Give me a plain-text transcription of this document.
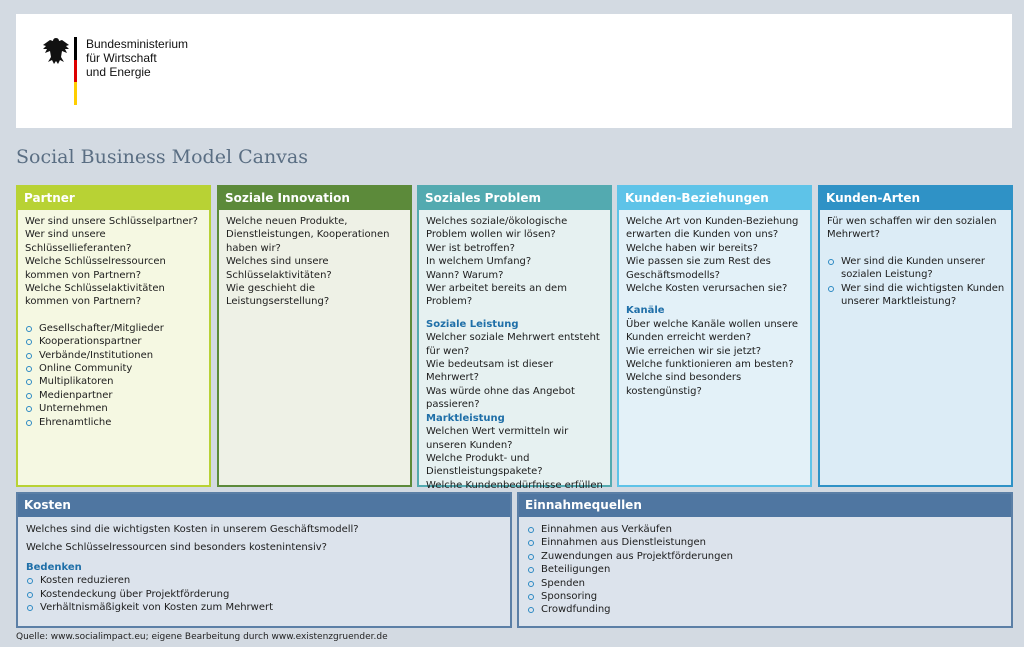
Bundesministerium
für Wirtschaft
und Energie
Social Business Model Canvas
Partner

Wer sind unsere Schlüsselpartner?

Wer sind unsere Schlüssellieferanten?

Welche Schlüsselressourcen kommen von Partnern?

Welche Schlüsselaktivitäten kommen von Partnern?

Gesellschafter/Mitglieder
Kooperationspartner
Verbände/Institutionen
Online Community
Multiplikatoren
Medienpartner
Unternehmen
Ehrenamtliche
Soziale Innovation

Welche neuen Produkte, Dienstleistungen, Kooperationen haben wir?

Welches sind unsere Schlüsselaktivitäten?

Wie geschieht die Leistungserstellung?

Soziales Problem

Welches soziale/ökologische Problem wollen wir lösen?

Wer ist betroffen?

In welchem Umfang?

Wann? Warum?

Wer arbeitet bereits an dem Problem?

Soziale Leistung

Welcher soziale Mehrwert entsteht für wen?

Wie bedeutsam ist dieser Mehrwert?

Was würde ohne das Angebot passieren?

Marktleistung

Welchen Wert vermitteln wir unseren Kunden?

Welche Produkt- und Dienstleistungspakete?

Welche Kundenbedürfnisse erfüllen

Kunden-Beziehungen

Welche Art von Kunden-Beziehung erwarten die Kunden von uns?

Welche haben wir bereits?

Wie passen sie zum Rest des Geschäftsmodells?

Welche Kosten verursachen sie?

Kanäle

Über welche Kanäle wollen unsere Kunden erreicht werden?

Wie erreichen wir sie jetzt?

Welche funktionieren am besten?

Welche sind besonders kostengünstig?

Kunden-Arten

Für wen schaffen wir den sozialen Mehrwert?

Wer sind die Kunden unserer sozialen Leistung?
Wer sind die wichtigsten Kunden unserer Marktleistung?
Kosten

Welches sind die wichtigsten Kosten in unserem Geschäftsmodell?

Welche Schlüsselressourcen sind besonders kostenintensiv?

Bedenken

Kosten reduzieren
Kostendeckung über Projektförderung
Verhältnismäßigkeit von Kosten zum Mehrwert
Einnahmequellen
Einnahmen aus Verkäufen
Einnahmen aus Dienstleistungen
Zuwendungen aus Projektförderungen
Beteiligungen
Spenden
Sponsoring
Crowdfunding
Quelle: www.socialimpact.eu; eigene Bearbeitung durch www.existenzgruender.de
